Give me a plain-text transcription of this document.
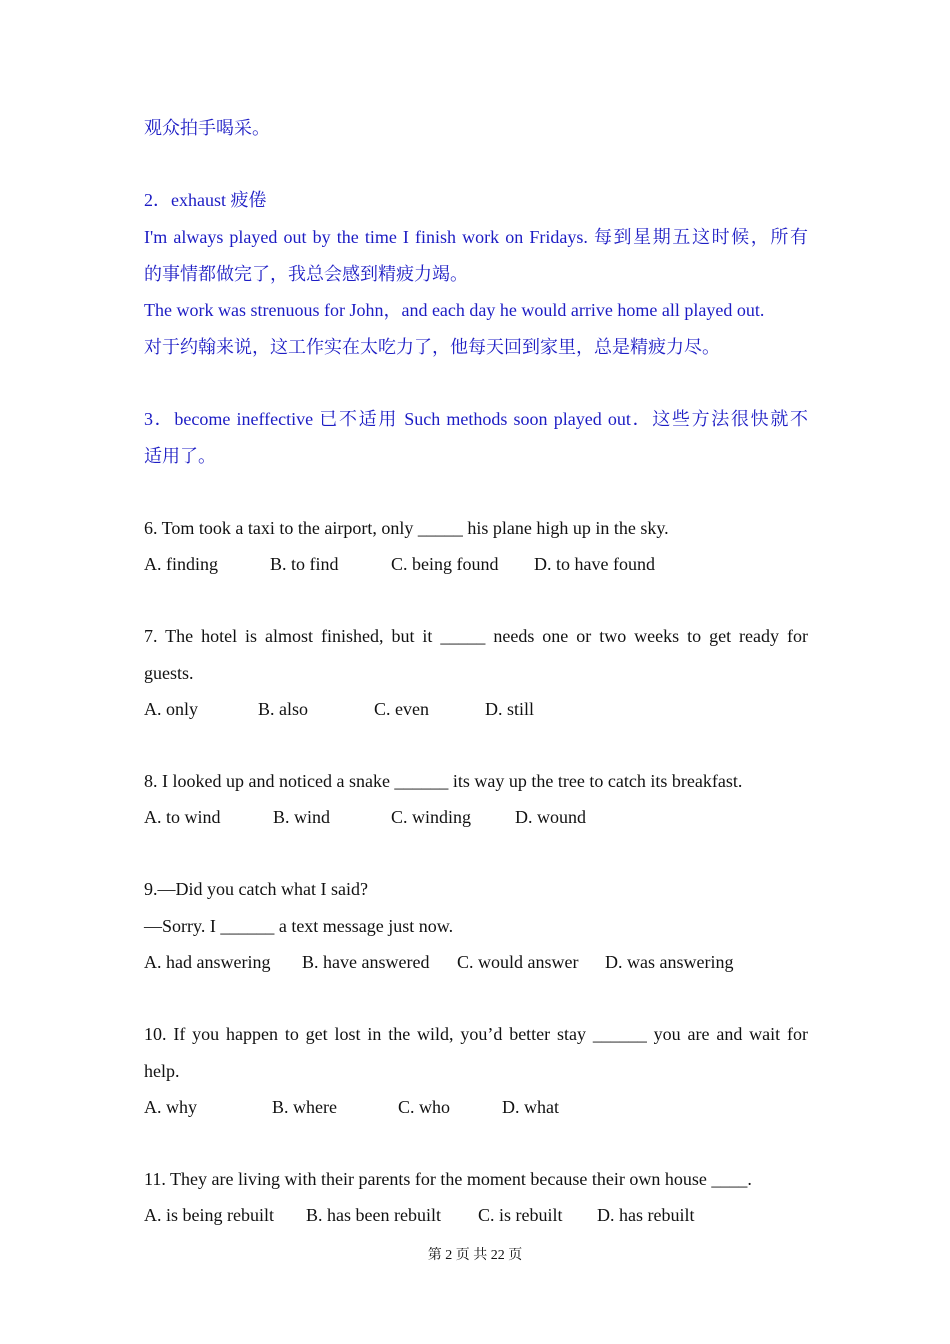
观众拍手喝采。
2．exhaust 疲倦
I'm always played out by the time I finish work on Fridays. 每到星期五这时候，所有
的事情都做完了，我总会感到精疲力竭。
The work was strenuous for John，and each day he would arrive home all played out.
对于约翰来说，这工作实在太吃力了，他每天回到家里，总是精疲力尽。
3．become ineffective 已不适用 Such methods soon played out．这些方法很快就不
适用了。
6. Tom took a taxi to the airport, only _____ his plane high up in the sky.
A. finding	B. to find	C. being found D. to have found
7. The hotel is almost finished, but it _____ needs one or two weeks to get ready for
guests.
A. only	B. also	C. even	D. still
8. I looked up and noticed a snake ______ its way up the tree to catch its breakfast.
A. to wind	B. wind	C. winding D. wound
9.—Did you catch what I said?
—Sorry. I ______ a text message just now.
A. had answering B. have answered C. would answer D. was answering
10. If you happen to get lost in the wild, you’d better stay ______ you are and wait for
help.
A. why	B. where	C. who	D. what
11. They are living with their parents for the moment because their own house ____.
A. is being rebuilt B. has been rebuilt C. is rebuilt D. has rebuilt
第 2 页 共 22 页
